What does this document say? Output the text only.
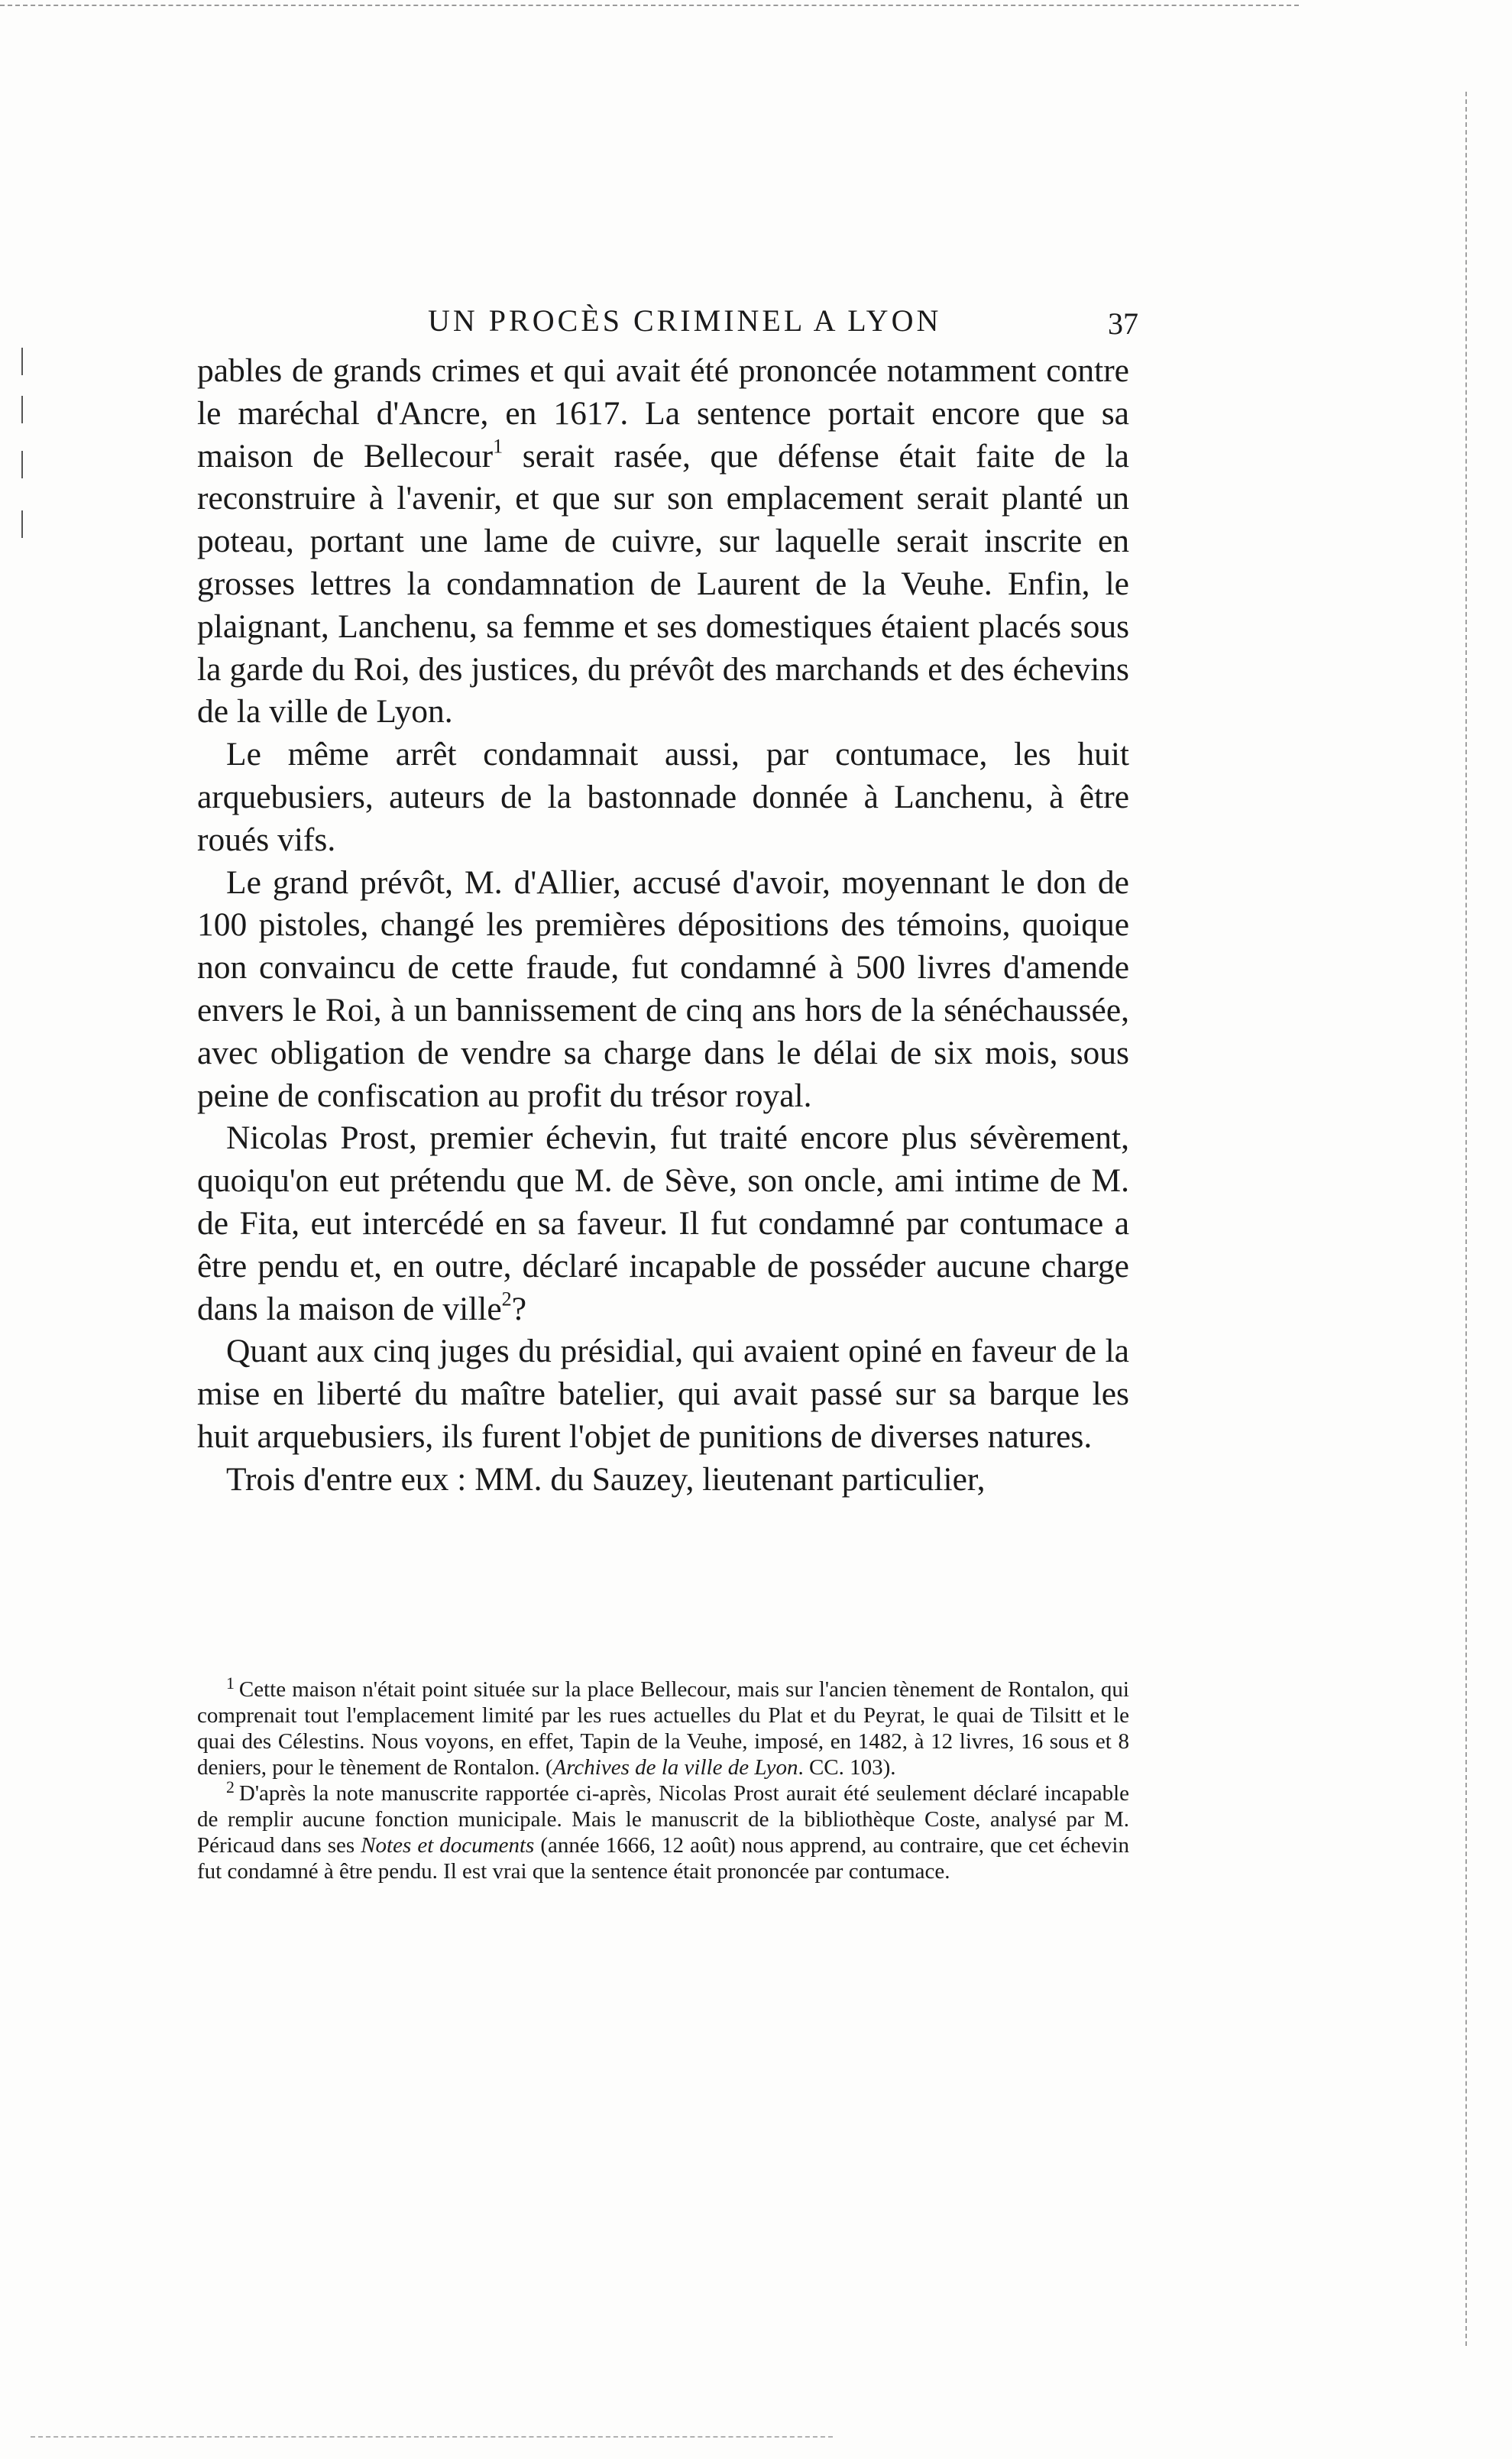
UN PROCÈS CRIMINEL A LYON	37

pables de grands crimes et qui avait été prononcée notamment contre le maréchal d'Ancre, en 1617. La sentence portait encore que sa maison de Bellecour$^1$ serait rasée, que défense était faite de la reconstruire à l'avenir, et que sur son emplacement serait planté un poteau, portant une lame de cuivre, sur laquelle serait inscrite en grosses lettres la condamnation de Laurent de la Veuhe. Enfin, le plaignant, Lanchenu, sa femme et ses domestiques étaient placés sous la garde du Roi, des justices, du prévôt des marchands et des échevins de la ville de Lyon.

Le même arrêt condamnait aussi, par contumace, les huit arquebusiers, auteurs de la bastonnade donnée à Lanchenu, à être roués vifs.

Le grand prévôt, M. d'Allier, accusé d'avoir, moyennant le don de 100 pistoles, changé les premières dépositions des témoins, quoique non convaincu de cette fraude, fut condamné à 500 livres d'amende envers le Roi, à un bannissement de cinq ans hors de la sénéchaussée, avec obligation de vendre sa charge dans le délai de six mois, sous peine de confiscation au profit du trésor royal.

Nicolas Prost, premier échevin, fut traité encore plus sévèrement, quoiqu'on eut prétendu que M. de Sève, son oncle, ami intime de M. de Fita, eut intercédé en sa faveur. Il fut condamné par contumace a être pendu et, en outre, déclaré incapable de posséder aucune charge dans la maison de ville$^2$?

Quant aux cinq juges du présidial, qui avaient opiné en faveur de la mise en liberté du maître batelier, qui avait passé sur sa barque les huit arquebusiers, ils furent l'objet de punitions de diverses natures.

Trois d'entre eux : MM. du Sauzey, lieutenant particulier,

$^1$ Cette maison n'était point située sur la place Bellecour, mais sur l'ancien tènement de Rontalon, qui comprenait tout l'emplacement limité par les rues actuelles du Plat et du Peyrat, le quai de Tilsitt et le quai des Célestins. Nous voyons, en effet, Tapin de la Veuhe, imposé, en 1482, à 12 livres, 16 sous et 8 deniers, pour le tènement de Rontalon. (Archives de la ville de Lyon. CC. 103).

$^2$ D'après la note manuscrite rapportée ci-après, Nicolas Prost aurait été seulement déclaré incapable de remplir aucune fonction municipale. Mais le manuscrit de la bibliothèque Coste, analysé par M. Péricaud dans ses Notes et documents (année 1666, 12 août) nous apprend, au contraire, que cet échevin fut condamné à être pendu. Il est vrai que la sentence était prononcée par contumace.
